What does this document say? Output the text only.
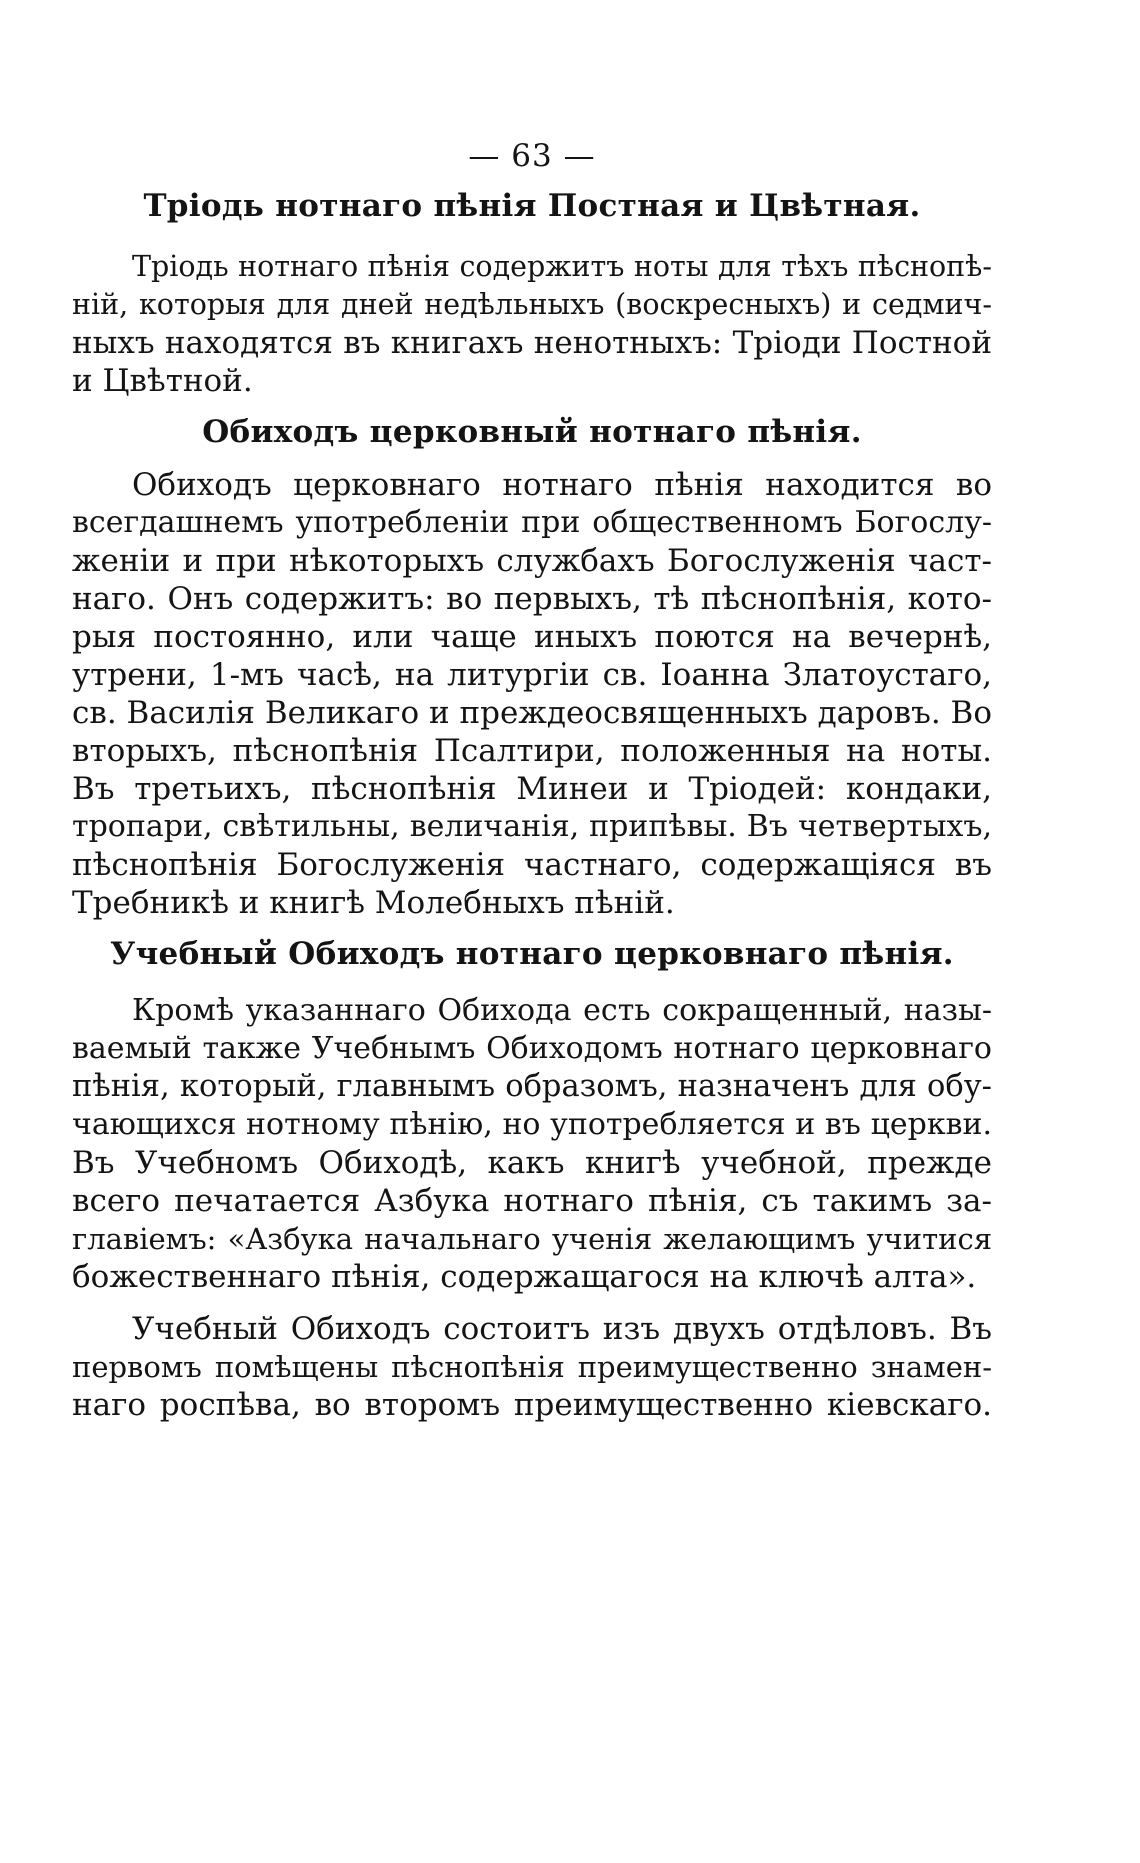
— 63 —
Тріодь нотнаго пѣнія Постная и Цвѣтная.
Тріодь нотнаго пѣнія содержитъ ноты для тѣхъ пѣснопѣ-
ній, которыя для дней недѣльныхъ (воскресныхъ) и седмич-
ныхъ находятся въ книгахъ ненотныхъ: Тріоди Постной
и Цвѣтной.
Обиходъ церковный нотнаго пѣнія.
Обиходъ церковнаго нотнаго пѣнія находится во
всегдашнемъ употребленіи при общественномъ Богослу-
женіи и при нѣкоторыхъ службахъ Богослуженія част-
наго. Онъ содержитъ: во первыхъ, тѣ пѣснопѣнія, кото-
рыя постоянно, или чаще иныхъ поются на вечернѣ,
утрени, 1-мъ часѣ, на литургіи св. Іоанна Златоустаго,
св. Василія Великаго и преждеосвященныхъ даровъ. Во
вторыхъ, пѣснопѣнія Псалтири, положенныя на ноты.
Въ третьихъ, пѣснопѣнія Минеи и Тріодей: кондаки,
тропари, свѣтильны, величанія, припѣвы. Въ четвертыхъ,
пѣснопѣнія Богослуженія частнаго, содержащіяся въ
Требникѣ и книгѣ Молебныхъ пѣній.
Учебный Обиходъ нотнаго церковнаго пѣнія.
Кромѣ указаннаго Обихода есть сокращенный, назы-
ваемый также Учебнымъ Обиходомъ нотнаго церковнаго
пѣнія, который, главнымъ образомъ, назначенъ для обу-
чающихся нотному пѣнію, но употребляется и въ церкви.
Въ Учебномъ Обиходѣ, какъ книгѣ учебной, прежде
всего печатается Азбука нотнаго пѣнія, съ такимъ за-
главіемъ: «Азбука начальнаго ученія желающимъ учитися
божественнаго пѣнія, содержащагося на ключѣ алта».
Учебный Обиходъ состоитъ изъ двухъ отдѣловъ. Въ
первомъ помѣщены пѣснопѣнія преимущественно знамен-
наго роспѣва, во второмъ преимущественно кіевскаго.
